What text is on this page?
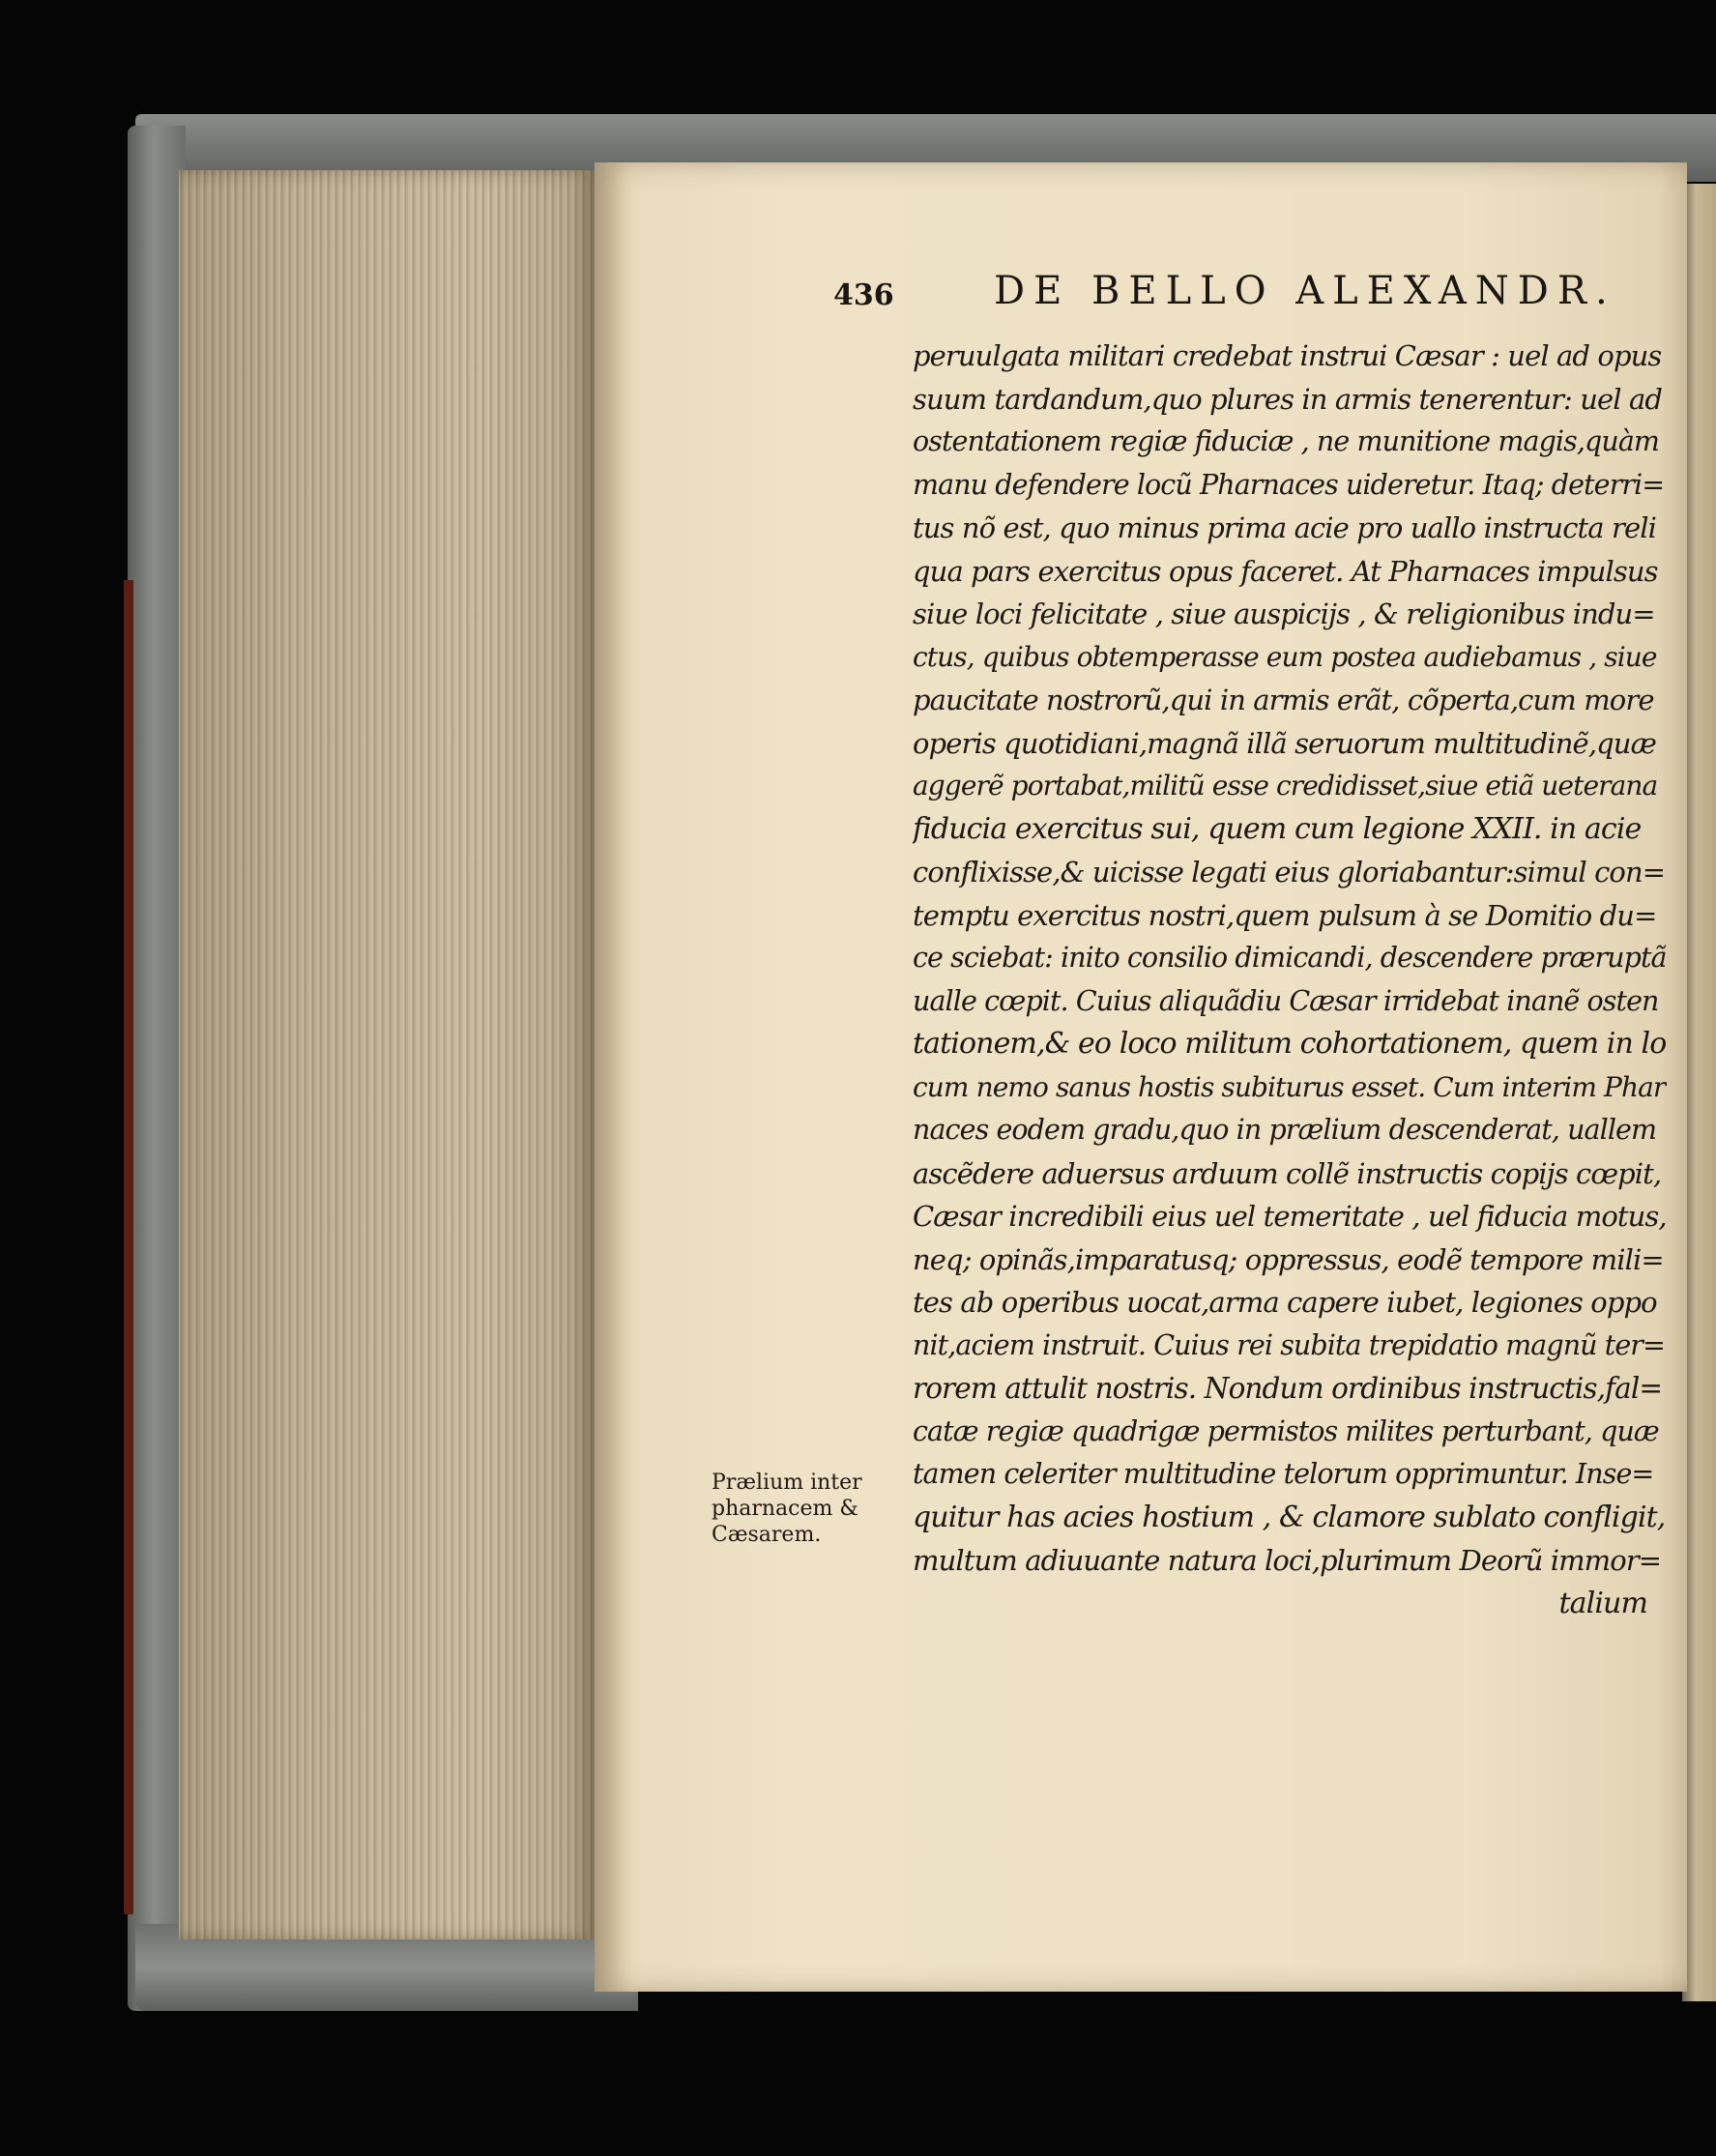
436	DE BELLO ALEXANDR.
peruulgata militari credebat instrui Cæsar : uel ad opus
suum tardandum,quo plures in armis tenerentur: uel ad
ostentationem regiæ fiduciæ , ne munitione magis,quàm
manu defendere locũ Pharnaces uideretur. Itaq; deterri=
tus nõ est, quo minus prima acie pro uallo instructa reli
qua pars exercitus opus faceret. At Pharnaces impulsus
siue loci felicitate , siue auspicijs , & religionibus indu=
ctus, quibus obtemperasse eum postea audiebamus , siue
paucitate nostrorũ,qui in armis erãt, cõperta,cum more
operis quotidiani,magnã illã seruorum multitudinẽ,quæ
aggerẽ portabat,militũ esse credidisset,siue etiã ueterana
fiducia exercitus sui, quem cum legione XXII. in acie
conflixisse,& uicisse legati eius gloriabantur:simul con=
temptu exercitus nostri,quem pulsum à se Domitio du=
ce sciebat: inito consilio dimicandi, descendere præruptã
ualle cœpit. Cuius aliquãdiu Cæsar irridebat inanẽ osten
tationem,& eo loco militum cohortationem, quem in lo
cum nemo sanus hostis subiturus esset. Cum interim Phar
naces eodem gradu,quo in prælium descenderat, uallem
ascẽdere aduersus arduum collẽ instructis copijs cœpit,
Cæsar incredibili eius uel temeritate , uel fiducia motus,
neq; opinãs,imparatusq; oppressus, eodẽ tempore mili=
tes ab operibus uocat,arma capere iubet, legiones oppo
nit,aciem instruit. Cuius rei subita trepidatio magnũ ter=
rorem attulit nostris. Nondum ordinibus instructis,fal=
catæ regiæ quadrigæ permistos milites perturbant, quæ
tamen celeriter multitudine telorum opprimuntur. Inse=
quitur has acies hostium , & clamore sublato confligit,
multum adiuuante natura loci,plurimum Deorũ immor=
talium
Prælium inter
pharnacem &
Cæsarem.
